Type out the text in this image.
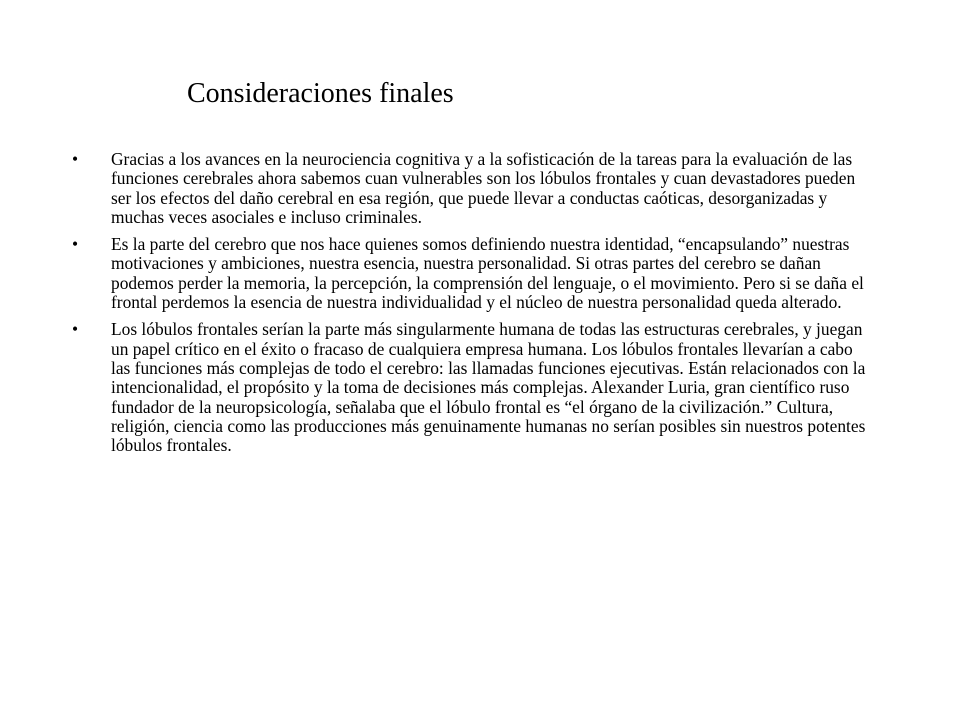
Consideraciones finales
•	Gracias a los avances en la neurociencia cognitiva y a la sofisticación de la tareas para la evaluación de las funciones cerebrales ahora sabemos cuan vulnerables son los lóbulos frontales y cuan devastadores pueden ser los efectos del daño cerebral en esa región, que puede llevar a conductas caóticas, desorganizadas y muchas veces asociales e incluso criminales.
•	Es la parte del cerebro que nos hace quienes somos definiendo nuestra identidad, “encapsulando” nuestras motivaciones y ambiciones, nuestra esencia, nuestra personalidad. Si otras partes del cerebro se dañan podemos perder la memoria, la percepción, la comprensión del lenguaje, o el movimiento. Pero si se daña el frontal perdemos la esencia de nuestra individualidad y el núcleo de nuestra personalidad queda alterado.
•	Los lóbulos frontales serían la parte más singularmente humana de todas las estructuras cerebrales, y juegan un papel crítico en el éxito o fracaso de cualquiera empresa humana. Los lóbulos frontales llevarían a cabo las funciones más complejas de todo el cerebro: las llamadas funciones ejecutivas. Están relacionados con la intencionalidad, el propósito y la toma de decisiones más complejas. Alexander Luria, gran científico ruso fundador de la neuropsicología, señalaba que el lóbulo frontal es “el órgano de la civilización.” Cultura, religión, ciencia como las producciones más genuinamente humanas no serían posibles sin nuestros potentes lóbulos frontales.
